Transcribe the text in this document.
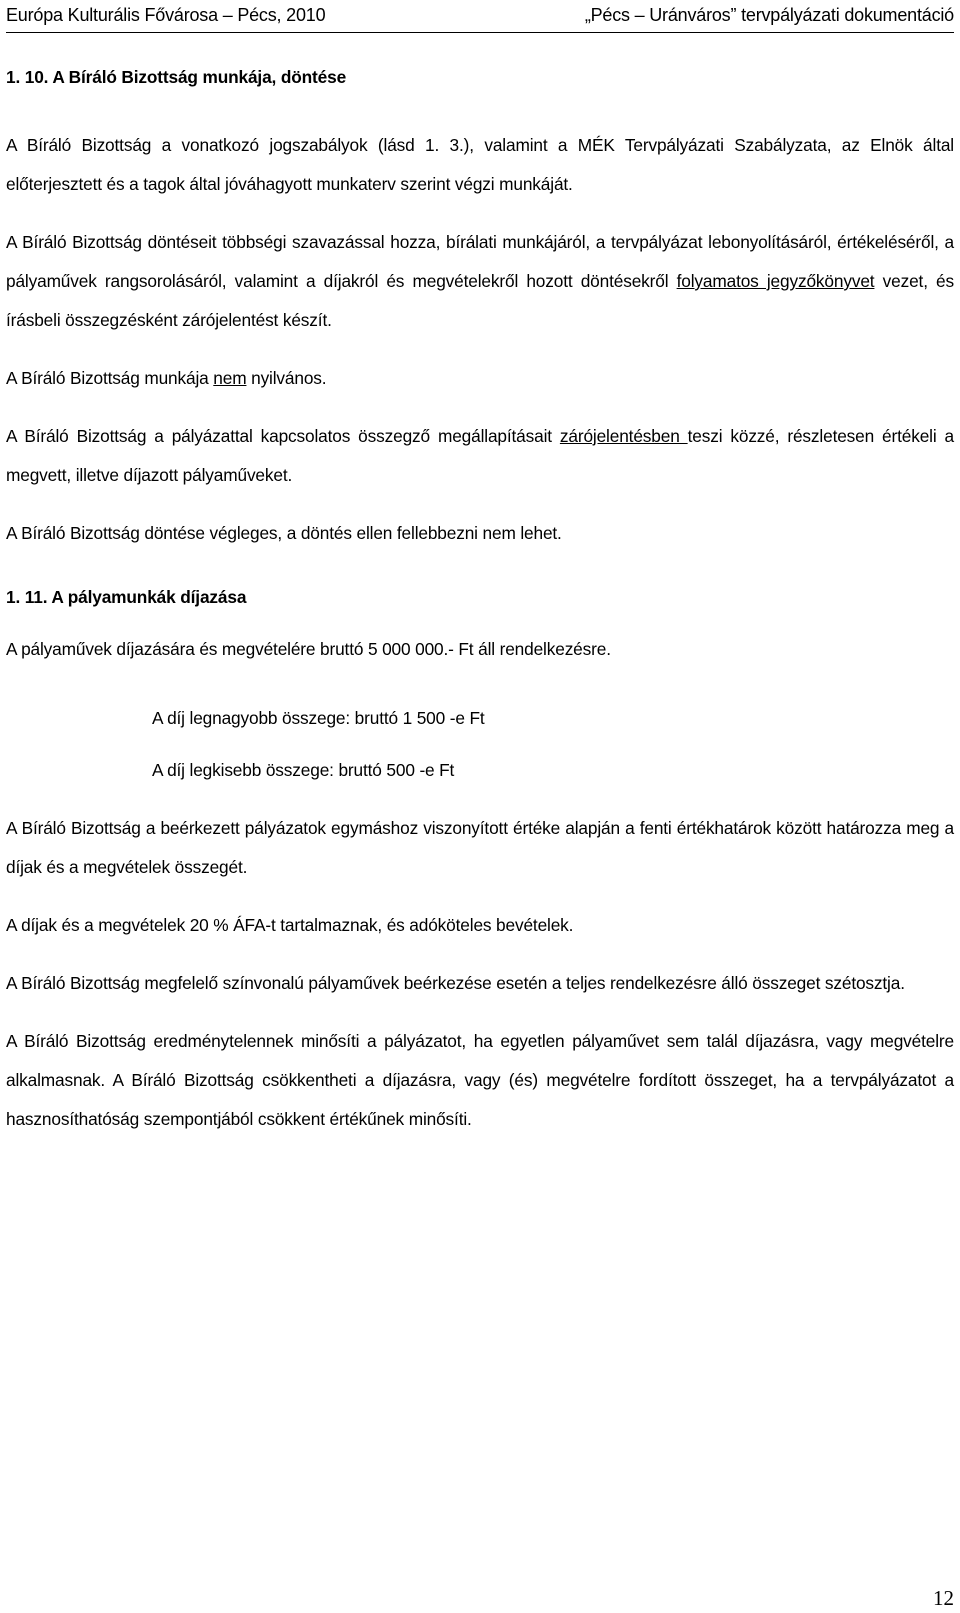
Európa Kulturális Fővárosa – Pécs, 2010	„Pécs – Uránváros” tervpályázati dokumentáció
1. 10. A Bíráló Bizottság munkája, döntése

A Bíráló Bizottság a vonatkozó jogszabályok (lásd 1. 3.), valamint a MÉK Tervpályázati Szabályzata, az Elnök által előterjesztett és a tagok által jóváhagyott munkaterv szerint végzi munkáját.

A Bíráló Bizottság döntéseit többségi szavazással hozza, bírálati munkájáról, a tervpályázat lebonyolításáról, értékeléséről, a pályaművek rangsorolásáról, valamint a díjakról és megvételekről hozott döntésekről folyamatos jegyzőkönyvet vezet, és írásbeli összegzésként zárójelentést készít.

A Bíráló Bizottság munkája nem nyilvános.

A Bíráló Bizottság a pályázattal kapcsolatos összegző megállapításait zárójelentésben teszi közzé, részletesen értékeli a megvett, illetve díjazott pályaműveket.

A Bíráló Bizottság döntése végleges, a döntés ellen fellebbezni nem lehet.

1. 11. A pályamunkák díjazása

A pályaművek díjazására és megvételére bruttó 5 000 000.- Ft áll rendelkezésre.

A díj legnagyobb összege: bruttó 1 500 -e Ft

A díj legkisebb összege: bruttó 500 -e Ft

A Bíráló Bizottság a beérkezett pályázatok egymáshoz viszonyított értéke alapján a fenti értékhatárok között határozza meg a díjak és a megvételek összegét.

A díjak és a megvételek 20 % ÁFA-t tartalmaznak, és adóköteles bevételek.

A Bíráló Bizottság megfelelő színvonalú pályaművek beérkezése esetén a teljes rendelkezésre álló összeget szétosztja.

A Bíráló Bizottság eredménytelennek minősíti a pályázatot, ha egyetlen pályaművet sem talál díjazásra, vagy megvételre alkalmasnak. A Bíráló Bizottság csökkentheti a díjazásra, vagy (és) megvételre fordított összeget, ha a tervpályázatot a hasznosíthatóság szempontjából csökkent értékűnek minősíti.

12
